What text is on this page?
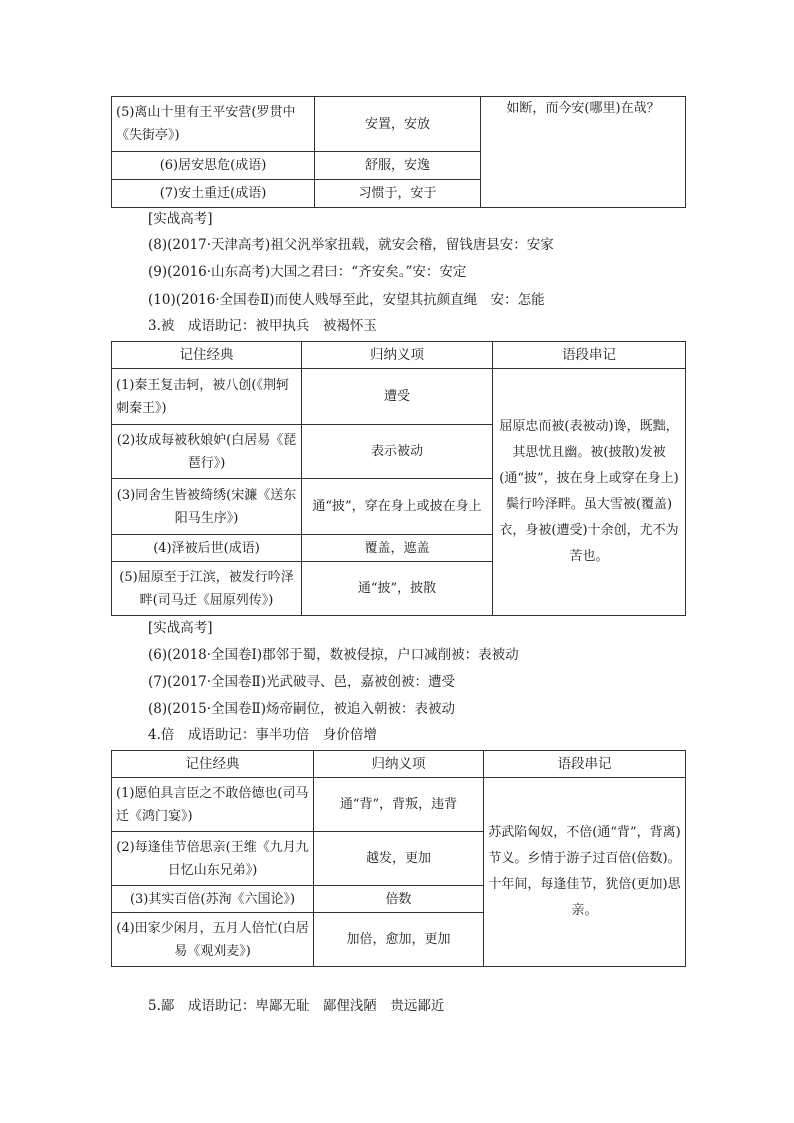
(5)离山十里有王平安营(罗贯中《失街亭》)	安置，安放	如断，而今安(哪里)在哉？
(6)居安思危(成语)	舒服，安逸	
(7)安土重迁(成语)	习惯于，安于	
[实战高考]
(8)(2017·天津高考)祖父汎举家扭载，就安会稽，留钱唐县安：安家
(9)(2016·山东高考)大国之君曰：“齐安矣。”安：安定
(10)(2016·全国卷Ⅱ)而使人贱辱至此，安望其抗颜直绳　安：怎能
3.被　成语助记：被甲执兵　被褐怀玉
记住经典	归纳义项	语段串记
(1)秦王复击轲，被八创(《荆轲刺秦王》)	遭受	屈原忠而被(表被动)谗，既黜，其思忧且幽。被(披散)发被(通“披”，披在身上或穿在身上)鬓行吟泽畔。虽大雪被(覆盖)衣，身被(遭受)十余创，尤不为苦也。
(2)妆成每被秋娘妒(白居易《琵琶行》)	表示被动	
(3)同舍生皆被绮绣(宋濂《送东阳马生序》)	通“披”，穿在身上或披在身上	
(4)泽被后世(成语)	覆盖，遮盖	
(5)屈原至于江滨，被发行吟泽畔(司马迁《屈原列传》)	通“披”，披散	
[实战高考]
(6)(2018·全国卷Ⅰ)郡邻于蜀，数被侵掠，户口减削被：表被动
(7)(2017·全国卷Ⅱ)光武破寻、邑，嘉被创被：遭受
(8)(2015·全国卷Ⅱ)炀帝嗣位，被追入朝被：表被动
4.倍　成语助记：事半功倍　身价倍增
记住经典	归纳义项	语段串记
(1)愿伯具言臣之不敢倍德也(司马迁《鸿门宴》)	通“背”，背叛，违背	苏武陷匈奴，不倍(通“背”，背离)节义。乡情于游子过百倍(倍数)。十年间，每逢佳节，犹倍(更加)思亲。
(2)每逢佳节倍思亲(王维《九月九日忆山东兄弟》)	越发，更加	
(3)其实百倍(苏洵《六国论》)	倍数	
(4)田家少闲月，五月人倍忙(白居易《观刈麦》)	加倍，愈加，更加	
5.鄙　成语助记：卑鄙无耻　鄙俚浅陋　贵远鄙近
